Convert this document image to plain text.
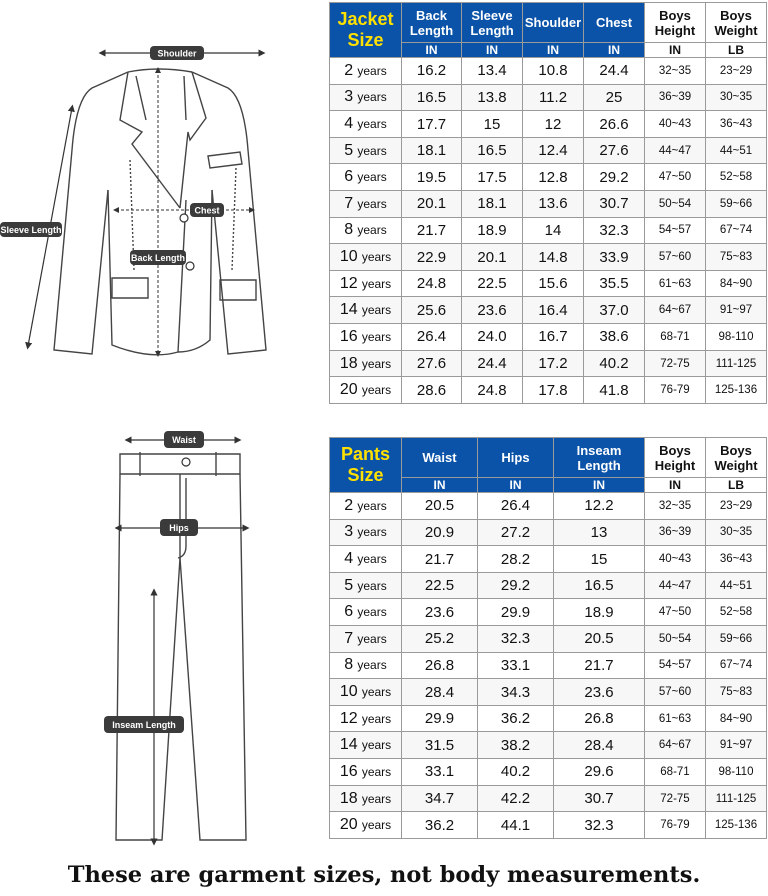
Shoulder
Sleeve Length
Chest
Back Length
Waist
Hips
Inseam Length
Jacket
Size	Back Length	Sleeve Length	Shoulder	Chest	Boys Height	Boys Weight
	IN	IN	IN	IN	IN	LB
2 years	16.2	13.4	10.8	24.4	32~35	23~29
3 years	16.5	13.8	11.2	25	36~39	30~35
4 years	17.7	15	12	26.6	40~43	36~43
5 years	18.1	16.5	12.4	27.6	44~47	44~51
6 years	19.5	17.5	12.8	29.2	47~50	52~58
7 years	20.1	18.1	13.6	30.7	50~54	59~66
8 years	21.7	18.9	14	32.3	54~57	67~74
10 years	22.9	20.1	14.8	33.9	57~60	75~83
12 years	24.8	22.5	15.6	35.5	61~63	84~90
14 years	25.6	23.6	16.4	37.0	64~67	91~97
16 years	26.4	24.0	16.7	38.6	68-71	98-110
18 years	27.6	24.4	17.2	40.2	72-75	111-125
20 years	28.6	24.8	17.8	41.8	76-79	125-136
Pants
Size	Waist	Hips	Inseam Length	Boys Height	Boys Weight
	IN	IN	IN	IN	LB
2 years	20.5	26.4	12.2	32~35	23~29
3 years	20.9	27.2	13	36~39	30~35
4 years	21.7	28.2	15	40~43	36~43
5 years	22.5	29.2	16.5	44~47	44~51
6 years	23.6	29.9	18.9	47~50	52~58
7 years	25.2	32.3	20.5	50~54	59~66
8 years	26.8	33.1	21.7	54~57	67~74
10 years	28.4	34.3	23.6	57~60	75~83
12 years	29.9	36.2	26.8	61~63	84~90
14 years	31.5	38.2	28.4	64~67	91~97
16 years	33.1	40.2	29.6	68-71	98-110
18 years	34.7	42.2	30.7	72-75	111-125
20 years	36.2	44.1	32.3	76-79	125-136
These are garment sizes, not body measurements.
